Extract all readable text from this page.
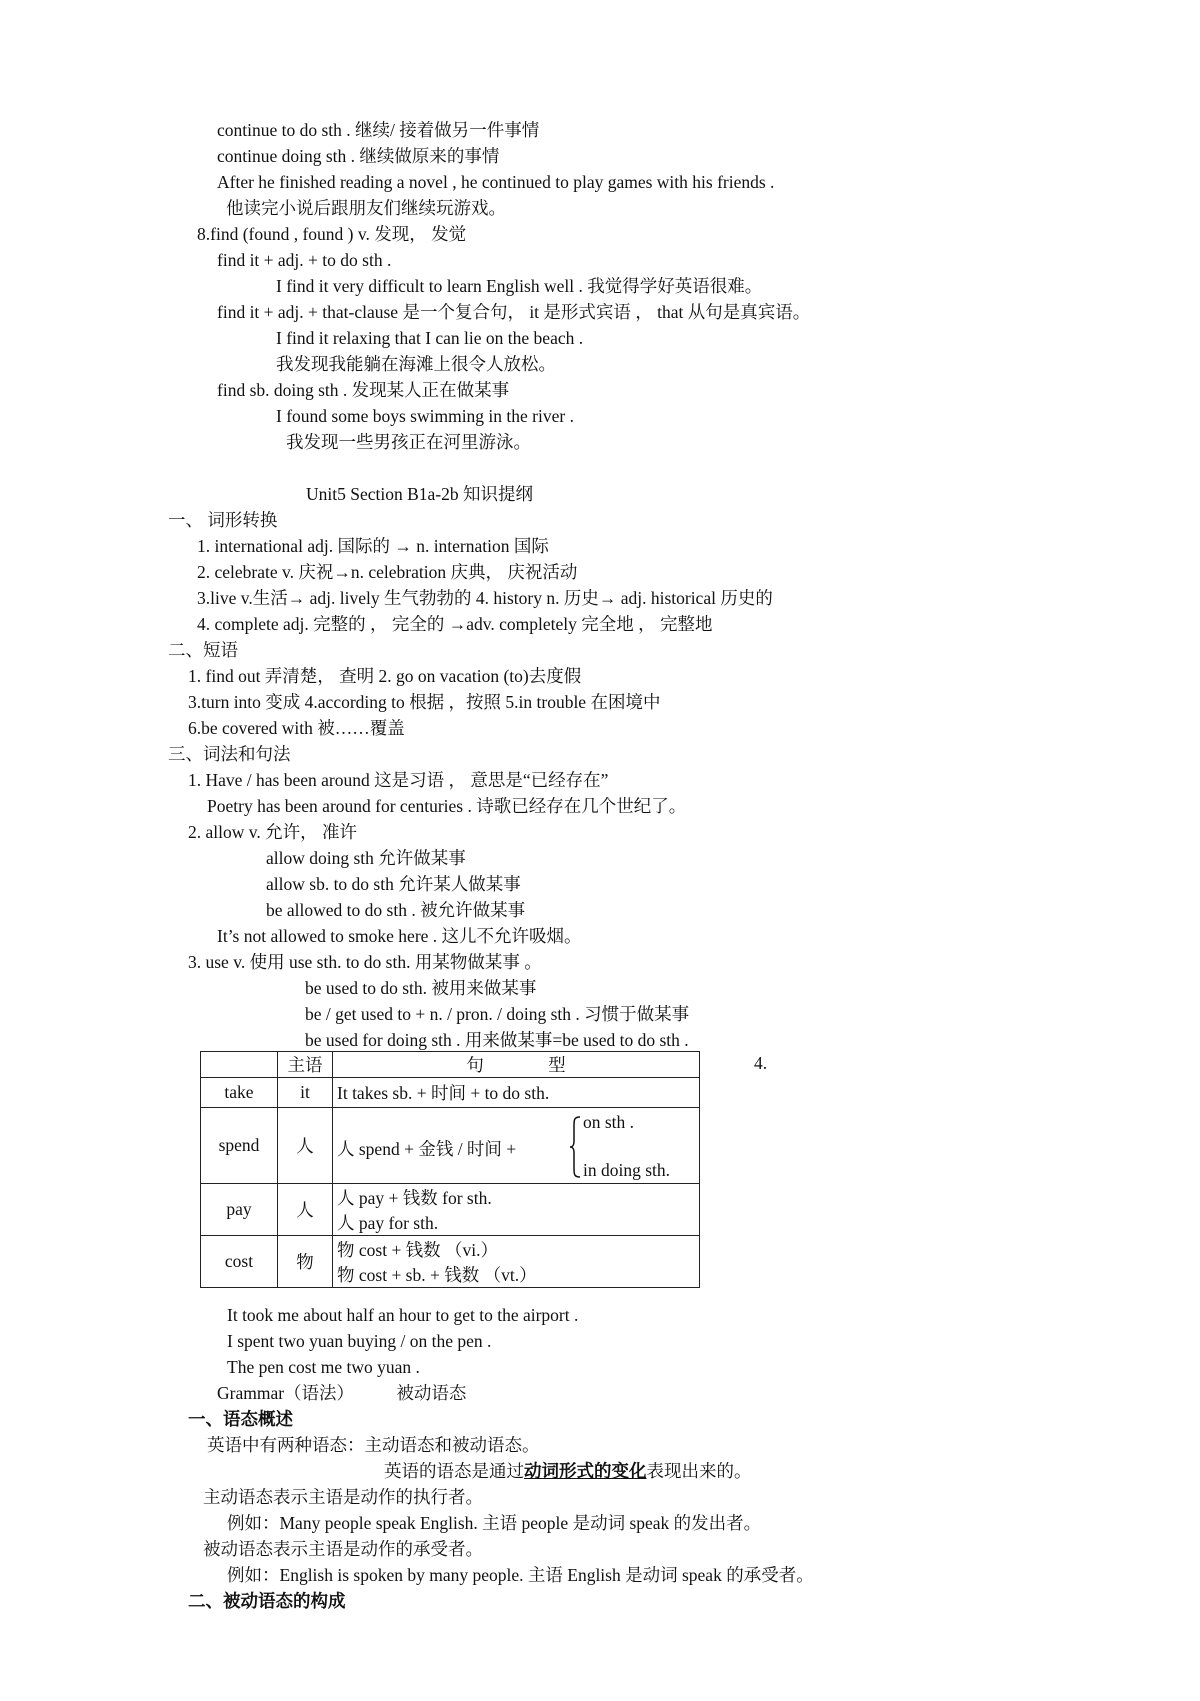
continue to do sth . 继续/ 接着做另一件事情
continue doing sth . 继续做原来的事情
After he finished reading a novel , he continued to play games with his friends .
他读完小说后跟朋友们继续玩游戏。
8.find (found , found ) v. 发现， 发觉
find it + adj. + to do sth .
I find it very difficult to learn English well . 我觉得学好英语很难。
find it + adj. + that-clause 是一个复合句， it 是形式宾语 ， that 从句是真宾语。
I find it relaxing that I can lie on the beach .
我发现我能躺在海滩上很令人放松。
find sb. doing sth . 发现某人正在做某事
I found some boys swimming in the river .
我发现一些男孩正在河里游泳。
Unit5 Section B1a-2b 知识提纲
一、 词形转换
1. international adj. 国际的 → n. internation 国际
2. celebrate v. 庆祝→n. celebration 庆典， 庆祝活动
3.live v.生活→ adj. lively 生气勃勃的 4. history n. 历史→ adj. historical 历史的
4. complete adj. 完整的 ， 完全的 →adv. completely 完全地 ， 完整地
二、短语
1. find out 弄清楚， 查明 2. go on vacation (to)去度假
3.turn into 变成 4.according to 根据 ，按照 5.in trouble 在困境中
6.be covered with 被……覆盖
三、词法和句法
1. Have / has been around 这是习语 ， 意思是“已经存在”
Poetry has been around for centuries . 诗歌已经存在几个世纪了。
2. allow v. 允许， 准许
allow doing sth 允许做某事
allow sb. to do sth 允许某人做某事
be allowed to do sth . 被允许做某事
It’s not allowed to smoke here . 这儿不允许吸烟。
3. use v. 使用 use sth. to do sth. 用某物做某事 。
be used to do sth. 被用来做某事
be / get used to + n. / pron. / doing sth . 习惯于做某事
be used for doing sth . 用来做某事=be used to do sth .
4.
	主语	句 型
take	it	It takes sb. + 时间 + to do sth.
spend	人	人 spend + 金钱 / 时间 +
on sth .
in doing sth.

pay	人	人 pay + 钱数 for sth.
人 pay for sth.

cost	物	物 cost + 钱数 （vi.）
物 cost + sb. + 钱数 （vt.）
It took me about half an hour to get to the airport .
I spent two yuan buying / on the pen .
The pen cost me two yuan .
Grammar（语法） 被动语态
一、语态概述
英语中有两种语态：主动语态和被动语态。
英语的语态是通过动词形式的变化表现出来的。
主动语态表示主语是动作的执行者。
例如：Many people speak English. 主语 people 是动词 speak 的发出者。
被动语态表示主语是动作的承受者。
例如：English is spoken by many people. 主语 English 是动词 speak 的承受者。
二、被动语态的构成
